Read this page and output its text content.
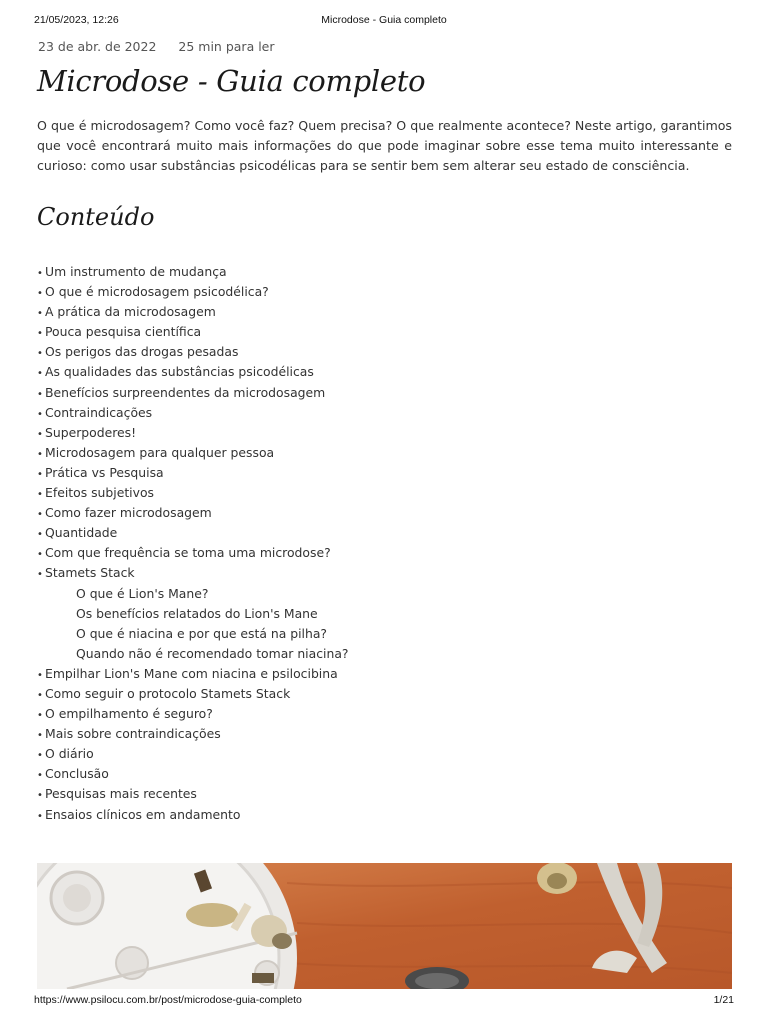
21/05/2023, 12:26	Microdose - Guia completo
23 de abr. de 2022 25 min para ler
Microdose - Guia completo

O que é microdosagem? Como você faz? Quem precisa? O que realmente acontece? Neste artigo, garantimos que você encontrará muito mais informações do que pode imaginar sobre esse tema muito interessante e curioso: como usar substâncias psicodélicas para se sentir bem sem alterar seu estado de consciência.

Conteúdo
• Um instrumento de mudança
• O que é microdosagem psicodélica?
• A prática da microdosagem
• Pouca pesquisa científica
• Os perigos das drogas pesadas
• As qualidades das substâncias psicodélicas
• Benefícios surpreendentes da microdosagem
• Contraindicações
• Superpoderes!
• Microdosagem para qualquer pessoa
• Prática vs Pesquisa
• Efeitos subjetivos
• Como fazer microdosagem
• Quantidade
• Com que frequência se toma uma microdose?
• Stamets Stack
O que é Lion's Mane?
Os benefícios relatados do Lion's Mane
O que é niacina e por que está na pilha?
Quando não é recomendado tomar niacina?
• Empilhar Lion's Mane com niacina e psilocibina
• Como seguir o protocolo Stamets Stack
• O empilhamento é seguro?
• Mais sobre contraindicações
• O diário
• Conclusão
• Pesquisas mais recentes
• Ensaios clínicos em andamento
https://www.psilocu.com.br/post/microdose-guia-completo	1/21
